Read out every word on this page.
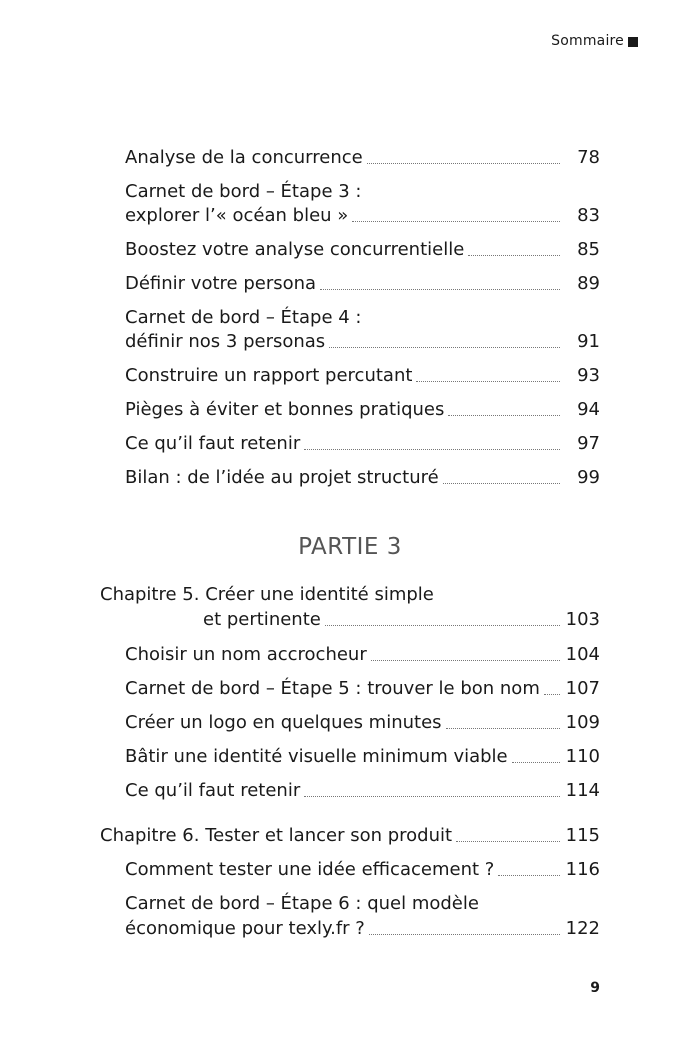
Sommaire
Analyse de la concurrence	78
Carnet de bord – Étape 3 :
explorer l’« océan bleu »	83
Boostez votre analyse concurrentielle	85
Définir votre persona	89
Carnet de bord – Étape 4 :
définir nos 3 personas	91
Construire un rapport percutant	93
Pièges à éviter et bonnes pratiques	94
Ce qu’il faut retenir	97
Bilan : de l’idée au projet structuré	99
PARTIE 3
Chapitre 5. Créer une identité simple
et pertinente	103
Choisir un nom accrocheur	104
Carnet de bord – Étape 5 : trouver le bon nom 107
Créer un logo en quelques minutes	109
Bâtir une identité visuelle minimum viable	110
Ce qu’il faut retenir	114
Chapitre 6. Tester et lancer son produit	115
Comment tester une idée efficacement ?	116
Carnet de bord – Étape 6 : quel modèle
économique pour texly.fr ?	122
9
